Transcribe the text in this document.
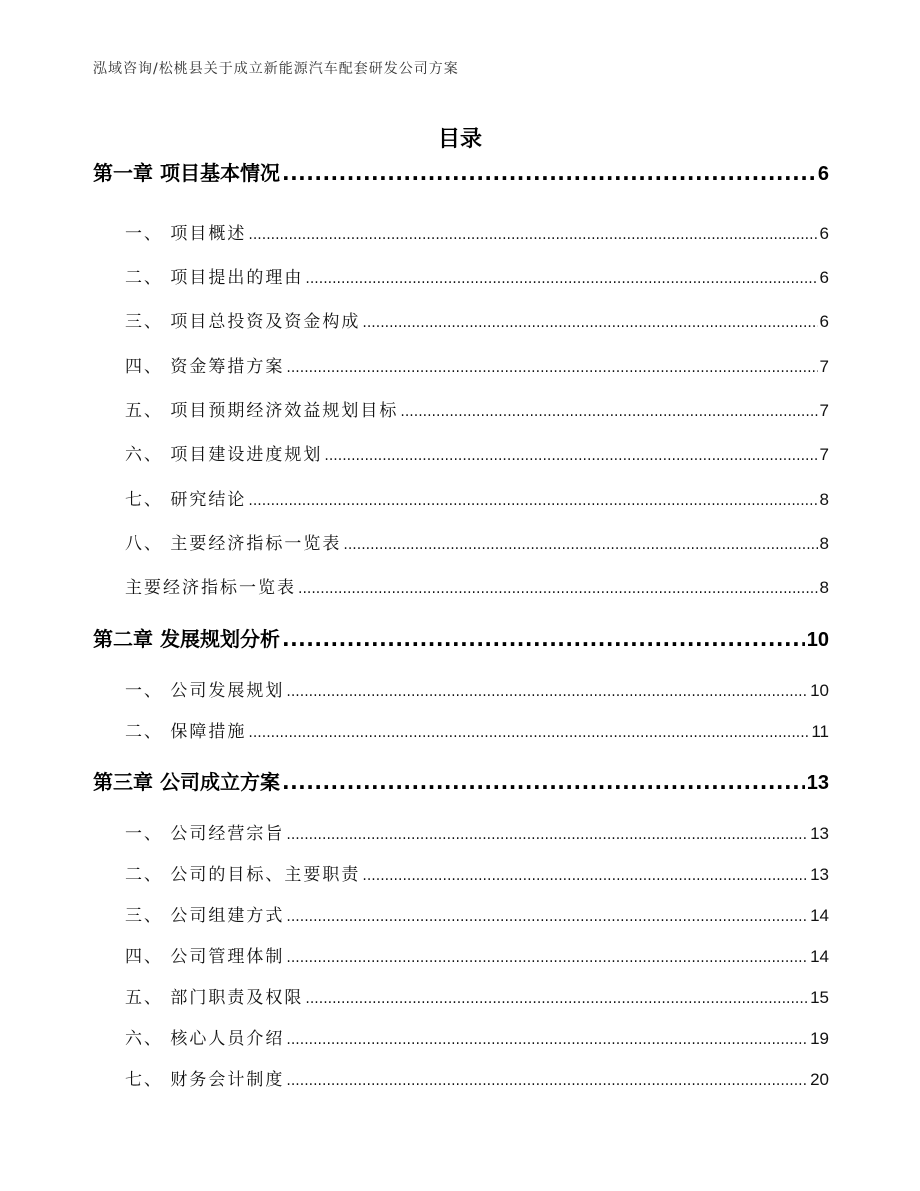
泓域咨询/松桃县关于成立新能源汽车配套研发公司方案
目录
第一章 项目基本情况 .....	6
一、 项目概述 .....	6
二、 项目提出的理由 .....	6
三、 项目总投资及资金构成 .....	6
四、 资金筹措方案 .....	7
五、 项目预期经济效益规划目标 .....	7
六、 项目建设进度规划 .....	7
七、 研究结论 .....	8
八、 主要经济指标一览表 .....	8
主要经济指标一览表 .....	8
第二章 发展规划分析 .....	10
一、 公司发展规划 .....	10
二、 保障措施 .....	11
第三章 公司成立方案 .....	13
一、 公司经营宗旨 .....	13
二、 公司的目标、主要职责 .....	13
三、 公司组建方式 .....	14
四、 公司管理体制 .....	14
五、 部门职责及权限 .....	15
六、 核心人员介绍 .....	19
七、 财务会计制度 .....	20
